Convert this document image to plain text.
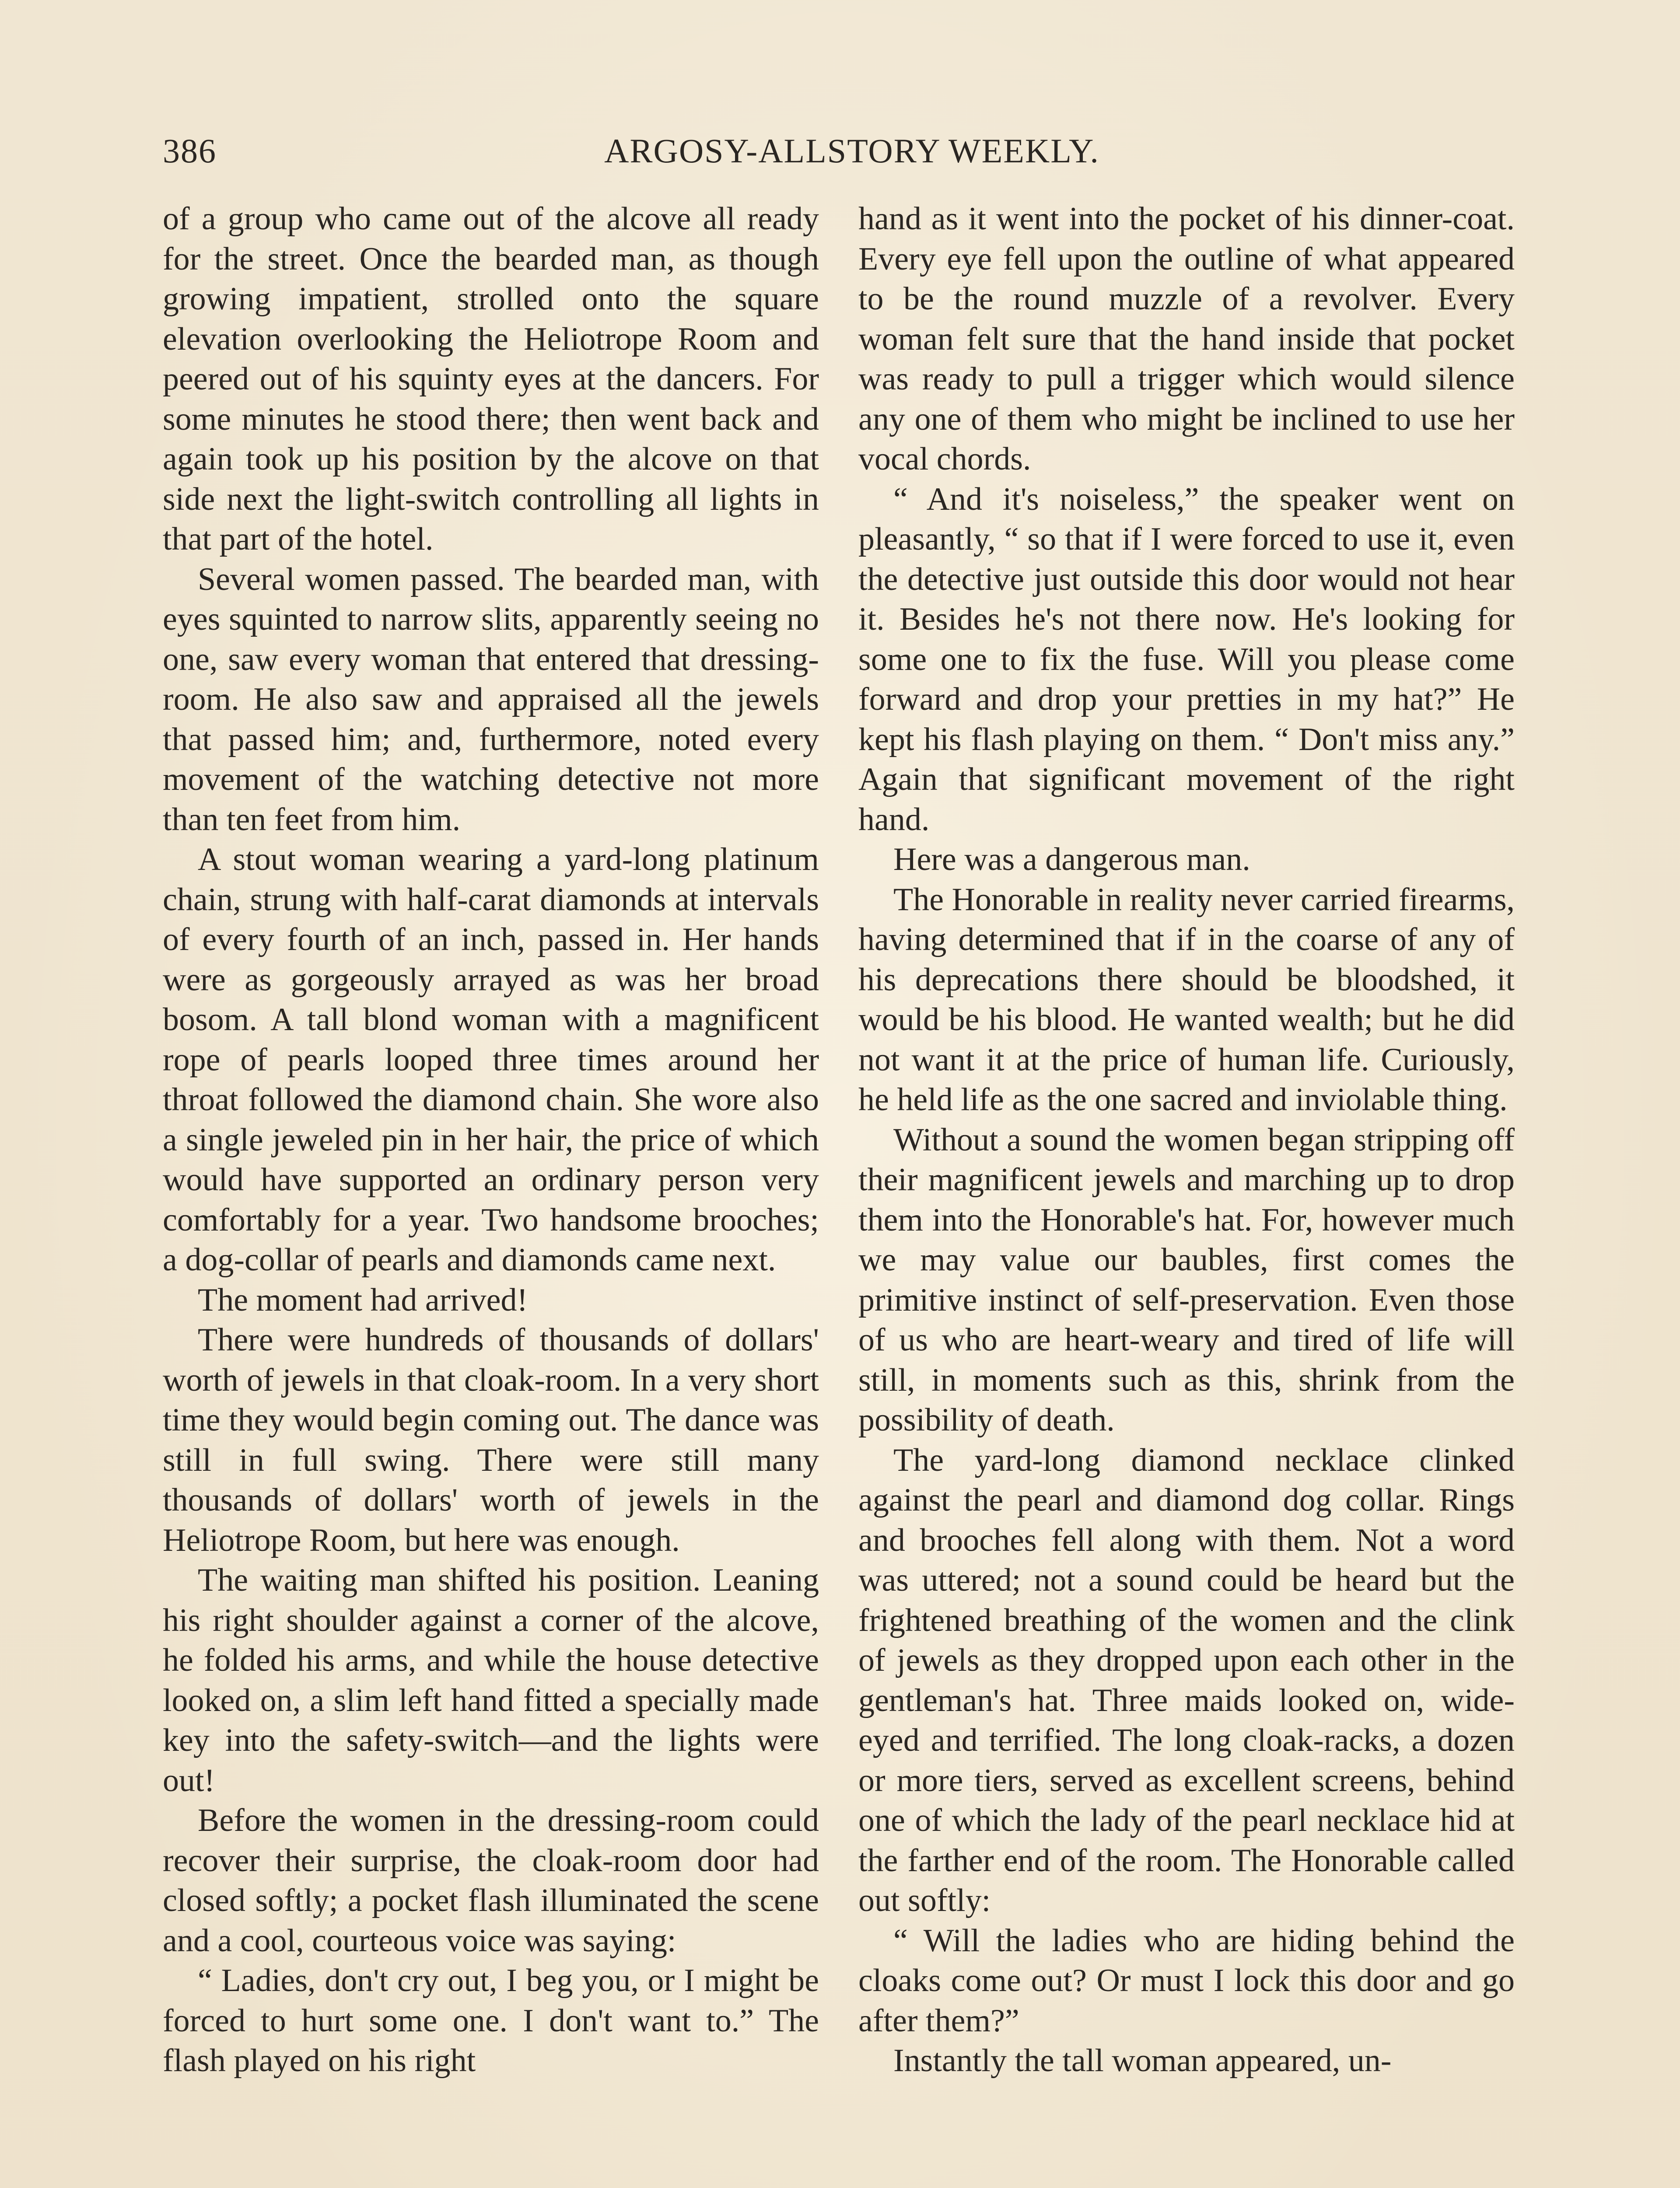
386	ARGOSY-ALLSTORY WEEKLY.

of a group who came out of the alcove all ready for the street. Once the bearded man, as though growing impatient, strolled onto the square elevation overlooking the Heliotrope Room and peered out of his squinty eyes at the dancers. For some minutes he stood there; then went back and again took up his position by the alcove on that side next the light-switch controlling all lights in that part of the hotel.

Several women passed. The bearded man, with eyes squinted to narrow slits, apparently seeing no one, saw every woman that entered that dressing-room. He also saw and appraised all the jewels that passed him; and, furthermore, noted every movement of the watching detective not more than ten feet from him.

A stout woman wearing a yard-long platinum chain, strung with half-carat diamonds at intervals of every fourth of an inch, passed in. Her hands were as gorgeously arrayed as was her broad bosom. A tall blond woman with a magnificent rope of pearls looped three times around her throat followed the diamond chain. She wore also a single jeweled pin in her hair, the price of which would have supported an ordinary person very comfortably for a year. Two handsome brooches; a dog-collar of pearls and diamonds came next.

The moment had arrived!

There were hundreds of thousands of dollars' worth of jewels in that cloak-room. In a very short time they would begin coming out. The dance was still in full swing. There were still many thousands of dollars' worth of jewels in the Heliotrope Room, but here was enough.

The waiting man shifted his position. Leaning his right shoulder against a corner of the alcove, he folded his arms, and while the house detective looked on, a slim left hand fitted a specially made key into the safety-switch—and the lights were out!

Before the women in the dressing-room could recover their surprise, the cloak-room door had closed softly; a pocket flash illuminated the scene and a cool, courteous voice was saying:

“ Ladies, don't cry out, I beg you, or I might be forced to hurt some one. I don't want to.” The flash played on his right

hand as it went into the pocket of his dinner-coat. Every eye fell upon the outline of what appeared to be the round muzzle of a revolver. Every woman felt sure that the hand inside that pocket was ready to pull a trigger which would silence any one of them who might be inclined to use her vocal chords.

“ And it's noiseless,” the speaker went on pleasantly, “ so that if I were forced to use it, even the detective just outside this door would not hear it. Besides he's not there now. He's looking for some one to fix the fuse. Will you please come forward and drop your pretties in my hat?” He kept his flash playing on them. “ Don't miss any.” Again that significant movement of the right hand.

Here was a dangerous man.

The Honorable in reality never carried firearms, having determined that if in the coarse of any of his deprecations there should be bloodshed, it would be his blood. He wanted wealth; but he did not want it at the price of human life. Curiously, he held life as the one sacred and inviolable thing.

Without a sound the women began stripping off their magnificent jewels and marching up to drop them into the Honorable's hat. For, however much we may value our baubles, first comes the primitive instinct of self-preservation. Even those of us who are heart-weary and tired of life will still, in moments such as this, shrink from the possibility of death.

The yard-long diamond necklace clinked against the pearl and diamond dog collar. Rings and brooches fell along with them. Not a word was uttered; not a sound could be heard but the frightened breathing of the women and the clink of jewels as they dropped upon each other in the gentleman's hat. Three maids looked on, wide-eyed and terrified. The long cloak-racks, a dozen or more tiers, served as excellent screens, behind one of which the lady of the pearl necklace hid at the farther end of the room. The Honorable called out softly:

“ Will the ladies who are hiding behind the cloaks come out? Or must I lock this door and go after them?”

Instantly the tall woman appeared, un-
